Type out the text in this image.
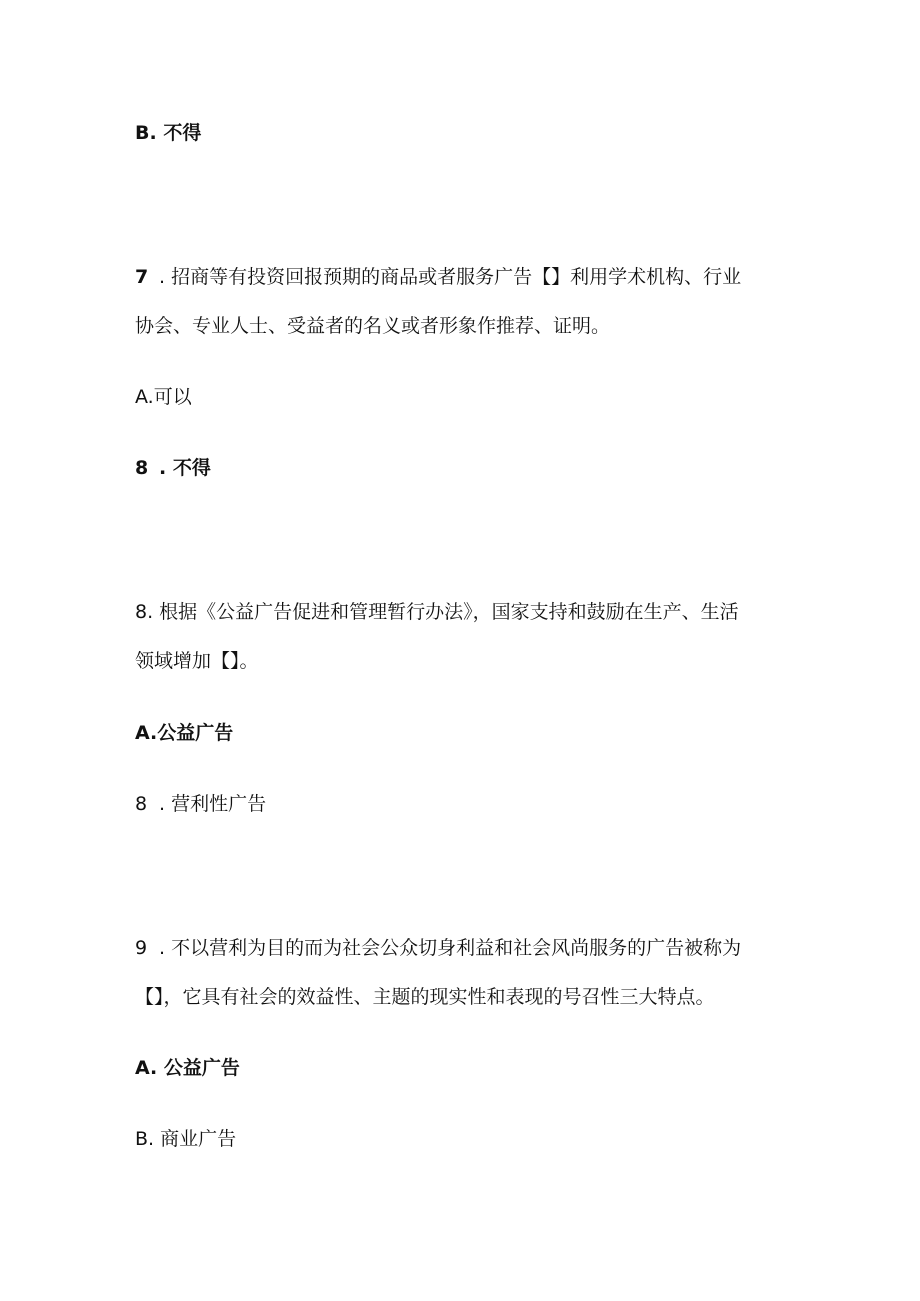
B. 不得

7 . 招商等有投资回报预期的商品或者服务广告【】利用学术机构、行业

协会、专业人士、受益者的名义或者形象作推荐、证明。

A.可以

8 . 不得

8. 根据《公益广告促进和管理暂行办法》，国家支持和鼓励在生产、生活

领域增加【】。

A.公益广告

8 . 营利性广告

9 . 不以营利为目的而为社会公众切身利益和社会风尚服务的广告被称为

【】，它具有社会的效益性、主题的现实性和表现的号召性三大特点。

A. 公益广告

B. 商业广告
